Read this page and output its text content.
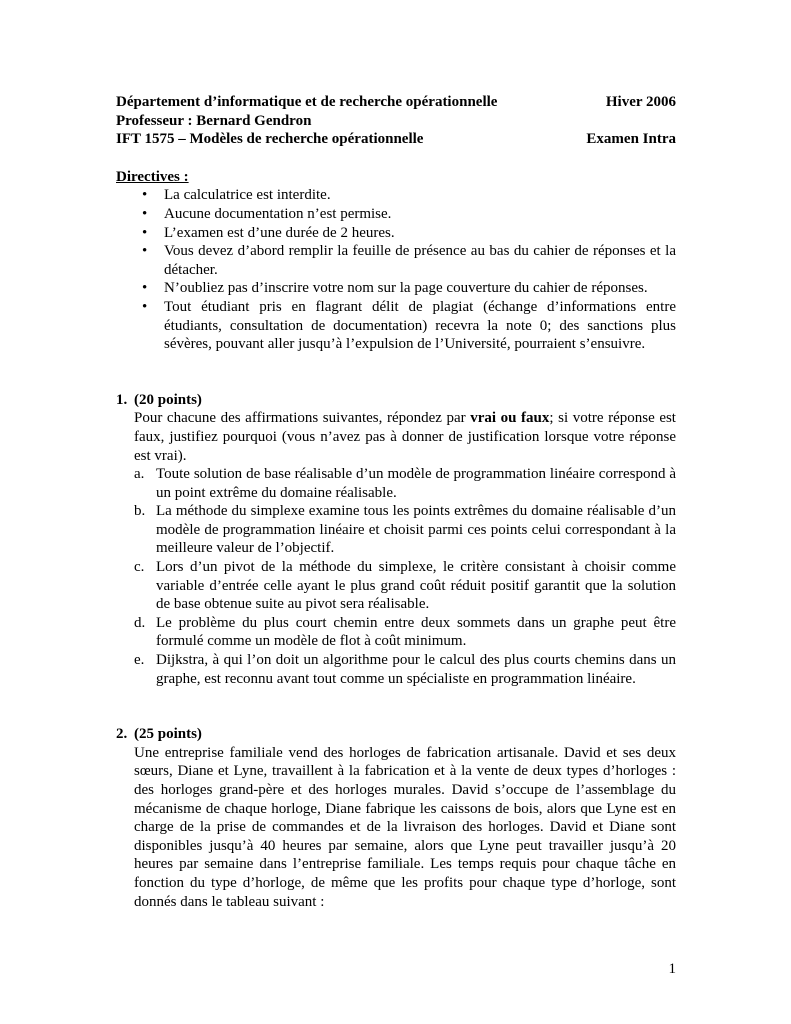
Département d’informatique et de recherche opérationnelle	Hiver 2006
Professeur : Bernard Gendron
IFT 1575 – Modèles de recherche opérationnelle	Examen Intra
Directives :
• La calculatrice est interdite.
• Aucune documentation n’est permise.
• L’examen est d’une durée de 2 heures.
• Vous devez d’abord remplir la feuille de présence au bas du cahier de réponses et la détacher.
• N’oubliez pas d’inscrire votre nom sur la page couverture du cahier de réponses.
• Tout étudiant pris en flagrant délit de plagiat (échange d’informations entre étudiants, consultation de documentation) recevra la note 0; des sanctions plus sévères, pouvant aller jusqu’à l’expulsion de l’Université, pourraient s’ensuivre.
1. (20 points)
Pour chacune des affirmations suivantes, répondez par vrai ou faux; si votre réponse est faux, justifiez pourquoi (vous n’avez pas à donner de justification lorsque votre réponse est vrai).
a. Toute solution de base réalisable d’un modèle de programmation linéaire correspond à un point extrême du domaine réalisable.
b. La méthode du simplexe examine tous les points extrêmes du domaine réalisable d’un modèle de programmation linéaire et choisit parmi ces points celui correspondant à la meilleure valeur de l’objectif.
c. Lors d’un pivot de la méthode du simplexe, le critère consistant à choisir comme variable d’entrée celle ayant le plus grand coût réduit positif garantit que la solution de base obtenue suite au pivot sera réalisable.
d. Le problème du plus court chemin entre deux sommets dans un graphe peut être formulé comme un modèle de flot à coût minimum.
e. Dijkstra, à qui l’on doit un algorithme pour le calcul des plus courts chemins dans un graphe, est reconnu avant tout comme un spécialiste en programmation linéaire.
2. (25 points)
Une entreprise familiale vend des horloges de fabrication artisanale. David et ses deux sœurs, Diane et Lyne, travaillent à la fabrication et à la vente de deux types d’horloges : des horloges grand-père et des horloges murales. David s’occupe de l’assemblage du mécanisme de chaque horloge, Diane fabrique les caissons de bois, alors que Lyne est en charge de la prise de commandes et de la livraison des horloges. David et Diane sont disponibles jusqu’à 40 heures par semaine, alors que Lyne peut travailler jusqu’à 20 heures par semaine dans l’entreprise familiale. Les temps requis pour chaque tâche en fonction du type d’horloge, de même que les profits pour chaque type d’horloge, sont donnés dans le tableau suivant :
1
